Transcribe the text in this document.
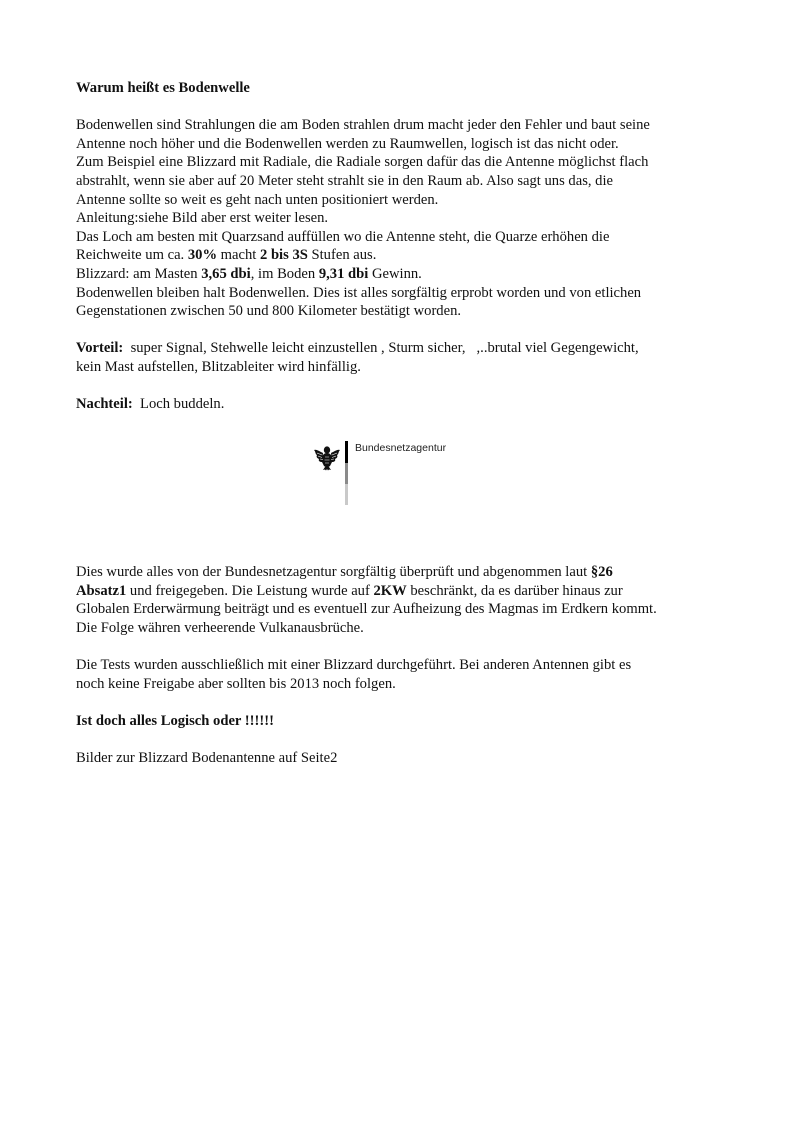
Warum heißt es Bodenwelle
Bodenwellen sind Strahlungen die am Boden strahlen drum macht jeder den Fehler und baut seine
Antenne noch höher und die Bodenwellen werden zu Raumwellen, logisch ist das nicht oder.
Zum Beispiel eine Blizzard mit Radiale, die Radiale sorgen dafür das die Antenne möglichst flach
abstrahlt, wenn sie aber auf 20 Meter steht strahlt sie in den Raum ab. Also sagt uns das, die
Antenne sollte so weit es geht nach unten positioniert werden.
Anleitung:siehe Bild aber erst weiter lesen.
Das Loch am besten mit Quarzsand auffüllen wo die Antenne steht, die Quarze erhöhen die
Reichweite um ca. 30% macht 2 bis 3S Stufen aus.
Blizzard: am Masten 3,65 dbi, im Boden 9,31 dbi Gewinn.
Bodenwellen bleiben halt Bodenwellen. Dies ist alles sorgfältig erprobt worden und von etlichen
Gegenstationen zwischen 50 und 800 Kilometer bestätigt worden.
Vorteil:  super Signal, Stehwelle leicht einzustellen , Sturm sicher,   ,..brutal viel Gegengewicht,
kein Mast aufstellen, Blitzableiter wird hinfällig.
Nachteil:  Loch buddeln.
Bundesnetzagentur
Dies wurde alles von der Bundesnetzagentur sorgfältig überprüft und abgenommen laut §26
Absatz1 und freigegeben. Die Leistung wurde auf 2KW beschränkt, da es darüber hinaus zur
Globalen Erderwärmung beiträgt und es eventuell zur Aufheizung des Magmas im Erdkern kommt.
Die Folge währen verheerende Vulkanausbrüche.
Die Tests wurden ausschließlich mit einer Blizzard durchgeführt. Bei anderen Antennen gibt es
noch keine Freigabe aber sollten bis 2013 noch folgen.
Ist doch alles Logisch oder !!!!!!
Bilder zur Blizzard Bodenantenne auf Seite2
